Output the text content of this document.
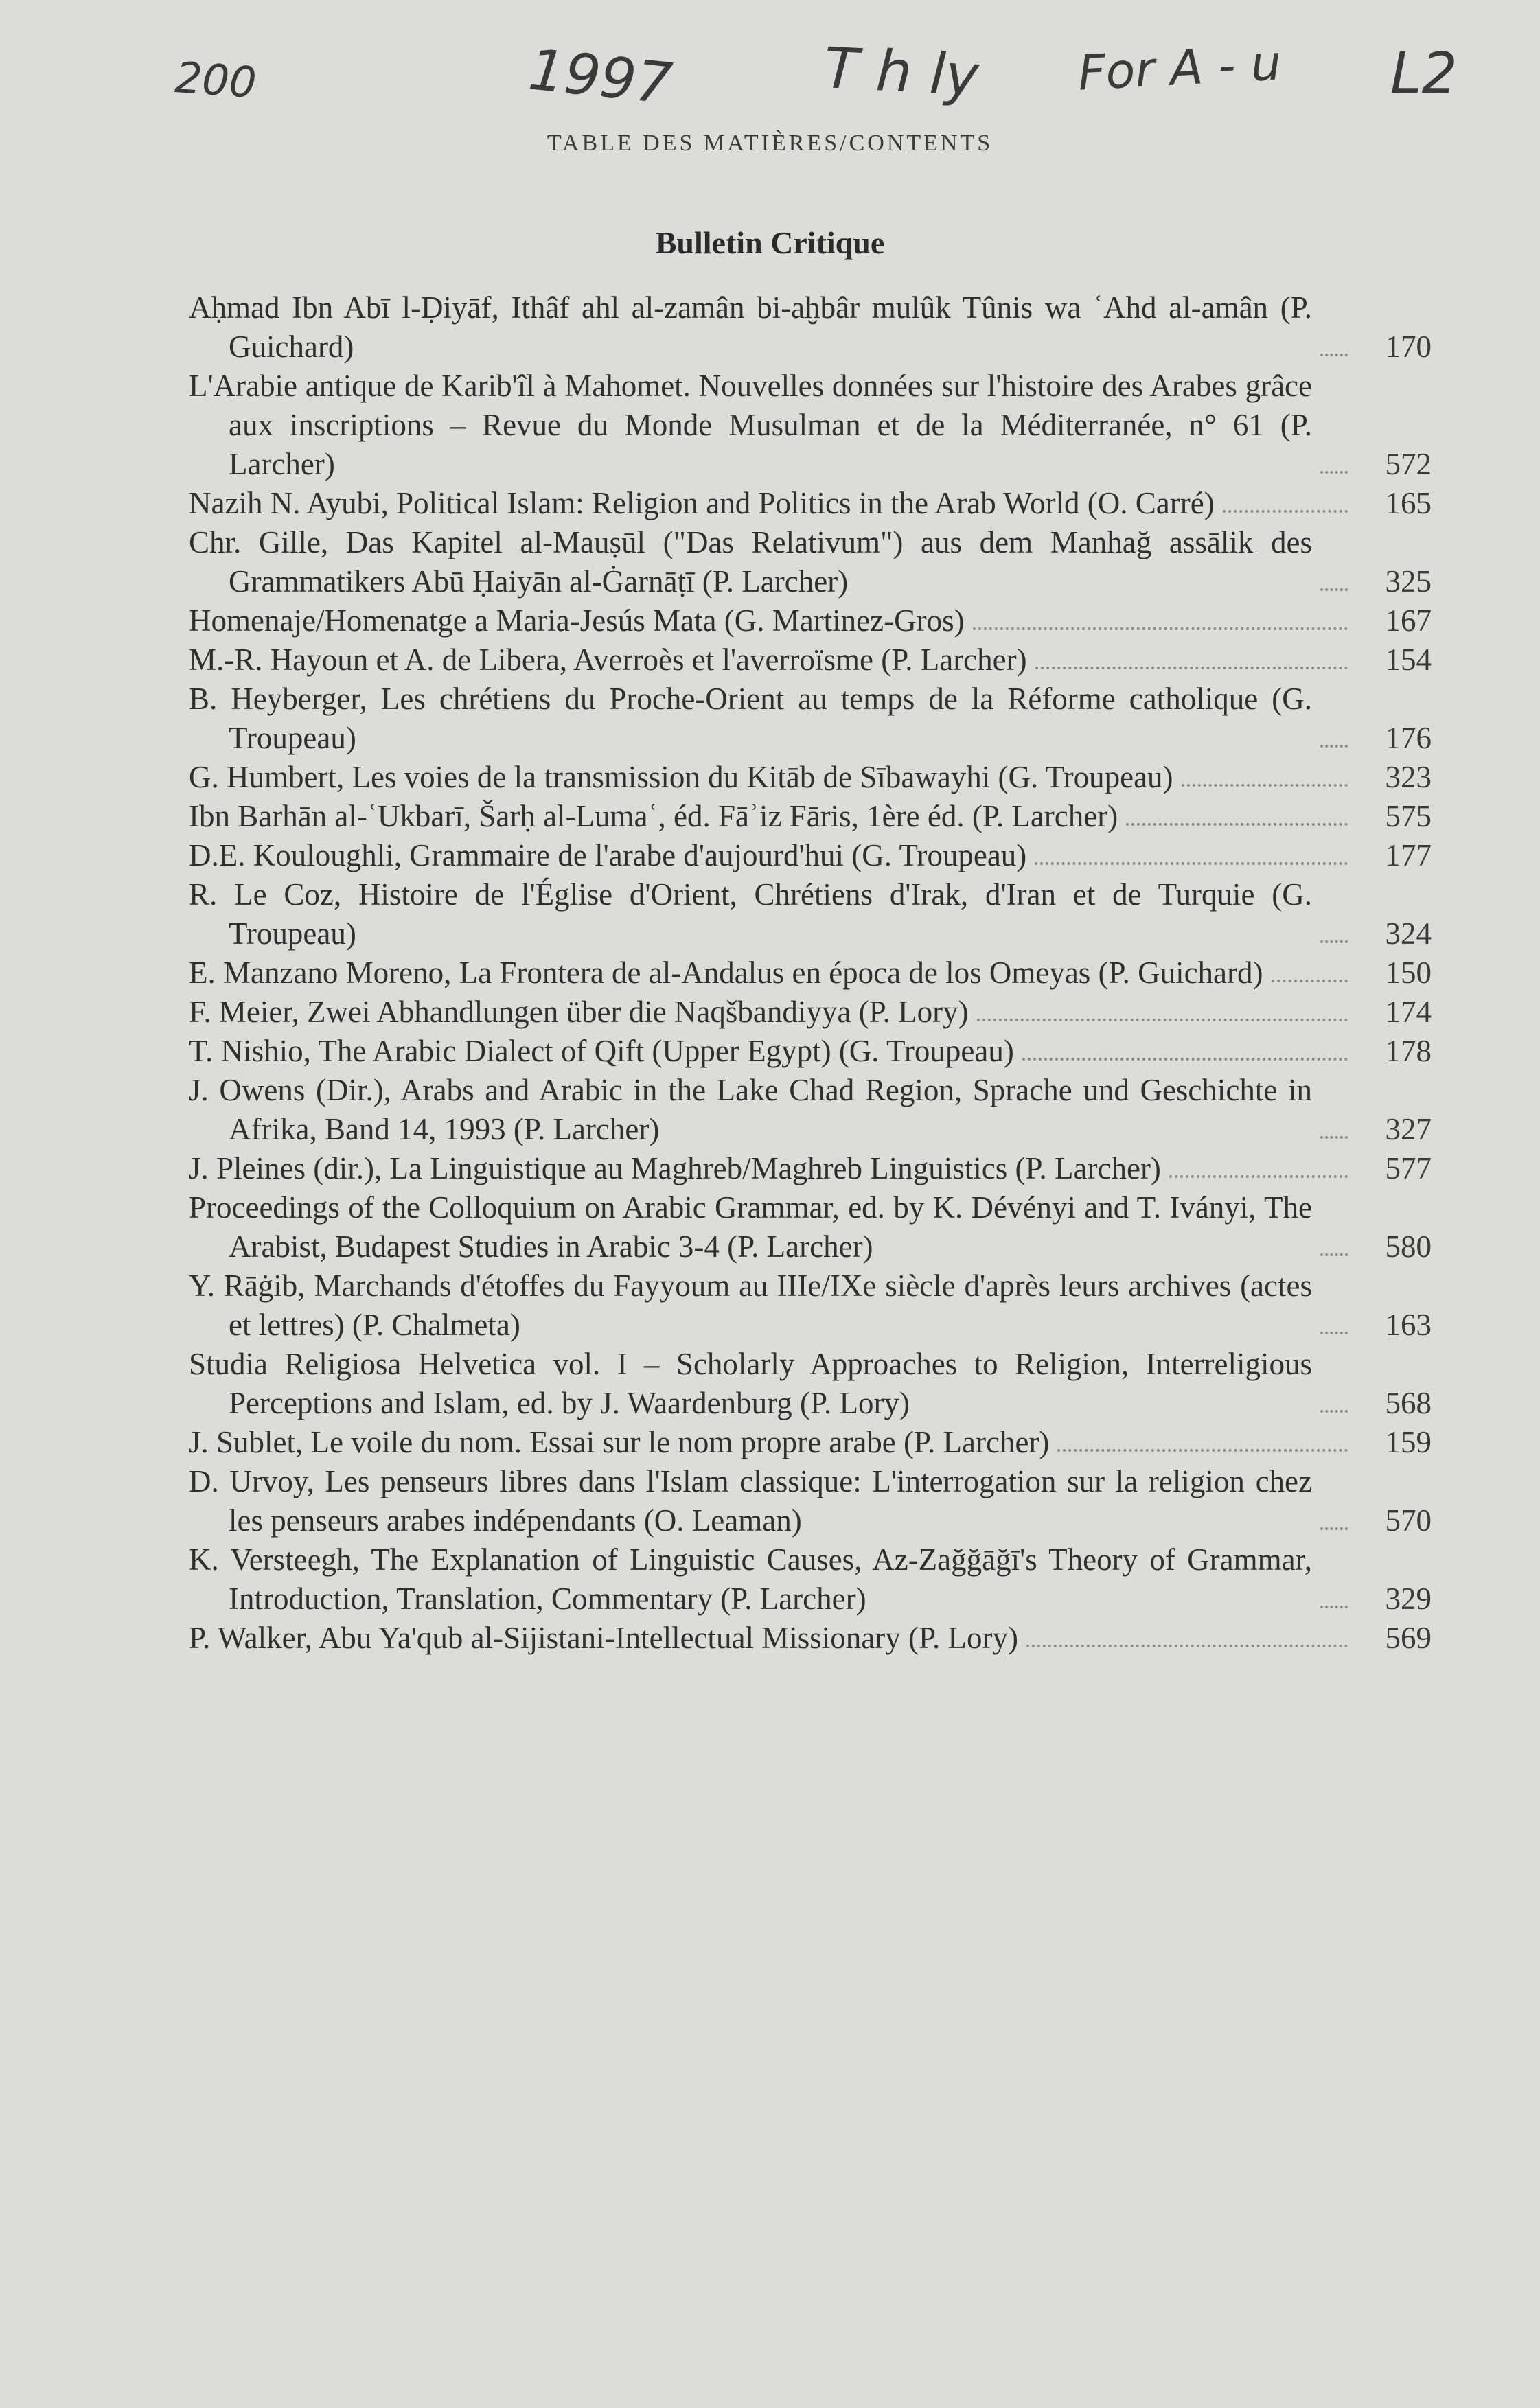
200	1997	T h ly For A - u L2
TABLE DES MATIÈRES/CONTENTS
Bulletin Critique
Aḥmad Ibn Abī l-Ḍiyāf, Ithâf ahl al-zamân bi-aḫbâr mulûk Tûnis wa ʿAhd al-amân (P. Guichard)	170
L'Arabie antique de Karib'îl à Mahomet. Nouvelles données sur l'histoire des Arabes grâce aux inscriptions – Revue du Monde Musulman et de la Méditerranée, n° 61 (P. Larcher)	572
Nazih N. Ayubi, Political Islam: Religion and Politics in the Arab World (O. Carré)	165
Chr. Gille, Das Kapitel al-Mauṣūl ("Das Relativum") aus dem Manhağ assālik des Grammatikers Abū Ḥaiyān al-Ġarnāṭī (P. Larcher)	325
Homenaje/Homenatge a Maria-Jesús Mata (G. Martinez-Gros)	167
M.-R. Hayoun et A. de Libera, Averroès et l'averroïsme (P. Larcher)	154
B. Heyberger, Les chrétiens du Proche-Orient au temps de la Réforme catholique (G. Troupeau)	176
G. Humbert, Les voies de la transmission du Kitāb de Sībawayhi (G. Troupeau)	323
Ibn Barhān al-ʿUkbarī, Šarḥ al-Lumaʿ, éd. Fāʾiz Fāris, 1ère éd. (P. Larcher)	575
D.E. Kouloughli, Grammaire de l'arabe d'aujourd'hui (G. Troupeau)	177
R. Le Coz, Histoire de l'Église d'Orient, Chrétiens d'Irak, d'Iran et de Turquie (G. Troupeau)	324
E. Manzano Moreno, La Frontera de al-Andalus en época de los Omeyas (P. Guichard)	150
F. Meier, Zwei Abhandlungen über die Naqšbandiyya (P. Lory)	174
T. Nishio, The Arabic Dialect of Qift (Upper Egypt) (G. Troupeau)	178
J. Owens (Dir.), Arabs and Arabic in the Lake Chad Region, Sprache und Geschichte in Afrika, Band 14, 1993 (P. Larcher)	327
J. Pleines (dir.), La Linguistique au Maghreb/Maghreb Linguistics (P. Larcher)	577
Proceedings of the Colloquium on Arabic Grammar, ed. by K. Dévényi and T. Iványi, The Arabist, Budapest Studies in Arabic 3-4 (P. Larcher)	580
Y. Rāġib, Marchands d'étoffes du Fayyoum au IIIe/IXe siècle d'après leurs archives (actes et lettres) (P. Chalmeta)	163
Studia Religiosa Helvetica vol. I – Scholarly Approaches to Religion, Interreligious Perceptions and Islam, ed. by J. Waardenburg (P. Lory)	568
J. Sublet, Le voile du nom. Essai sur le nom propre arabe (P. Larcher)	159
D. Urvoy, Les penseurs libres dans l'Islam classique: L'interrogation sur la religion chez les penseurs arabes indépendants (O. Leaman)	570
K. Versteegh, The Explanation of Linguistic Causes, Az-Zağğāğī's Theory of Grammar, Introduction, Translation, Commentary (P. Larcher)	329
P. Walker, Abu Ya'qub al-Sijistani-Intellectual Missionary (P. Lory)	569
